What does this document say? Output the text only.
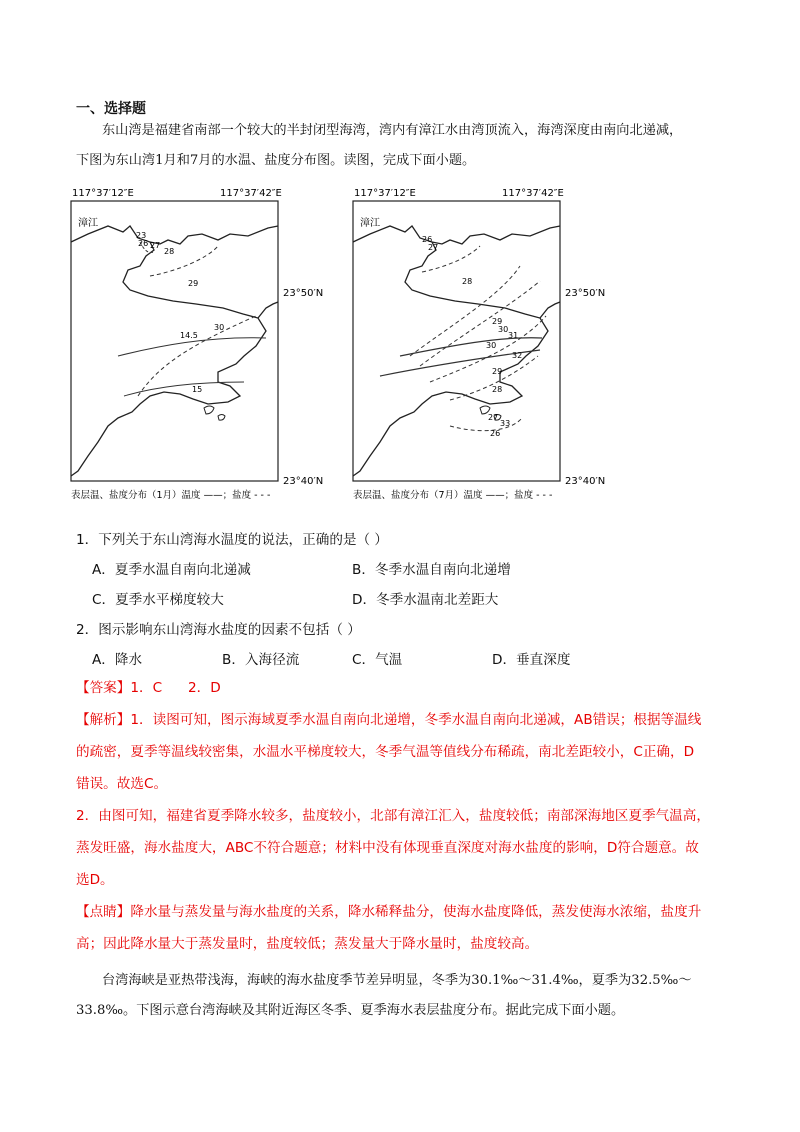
一、选择题
东山湾是福建省南部一个较大的半封闭型海湾，湾内有漳江水由湾顶流入，海湾深度由南向北递减，
下图为东山湾1月和7月的水温、盐度分布图。读图，完成下面小题。
117°37′12″E	117°37′42″E
漳江
23
26 27
28
29
30
14.5
15
23°50′N
23°40′N
表层温、盐度分布（1月）温度 ——；盐度 - - -
117°37′12″E	117°37′42″E
漳江
26
27
28
29
30
31
30
32
29
28
27
33
26
23°50′N
23°40′N
表层温、盐度分布（7月）温度 ——；盐度 - - -
1．下列关于东山湾海水温度的说法，正确的是（ ）
A．夏季水温自南向北递减	B．冬季水温自南向北递增
C．夏季水平梯度较大	D．冬季水温南北差距大
2．图示影响东山湾海水盐度的因素不包括（ ）
A．降水	B．入海径流	C．气温	D．垂直深度
【答案】1．C      2．D
【解析】1．读图可知，图示海域夏季水温自南向北递增，冬季水温自南向北递减，AB错误；根据等温线
的疏密，夏季等温线较密集，水温水平梯度较大，冬季气温等值线分布稀疏，南北差距较小，C正确，D
错误。故选C。
2．由图可知，福建省夏季降水较多，盐度较小，北部有漳江汇入，盐度较低；南部深海地区夏季气温高，
蒸发旺盛，海水盐度大，ABC不符合题意；材料中没有体现垂直深度对海水盐度的影响，D符合题意。故
选D。
【点睛】降水量与蒸发量与海水盐度的关系，降水稀释盐分，使海水盐度降低，蒸发使海水浓缩，盐度升
高；因此降水量大于蒸发量时，盐度较低；蒸发量大于降水量时，盐度较高。
台湾海峡是亚热带浅海，海峡的海水盐度季节差异明显，冬季为30.1‰～31.4‰，夏季为32.5‰～
33.8‰。下图示意台湾海峡及其附近海区冬季、夏季海水表层盐度分布。据此完成下面小题。
